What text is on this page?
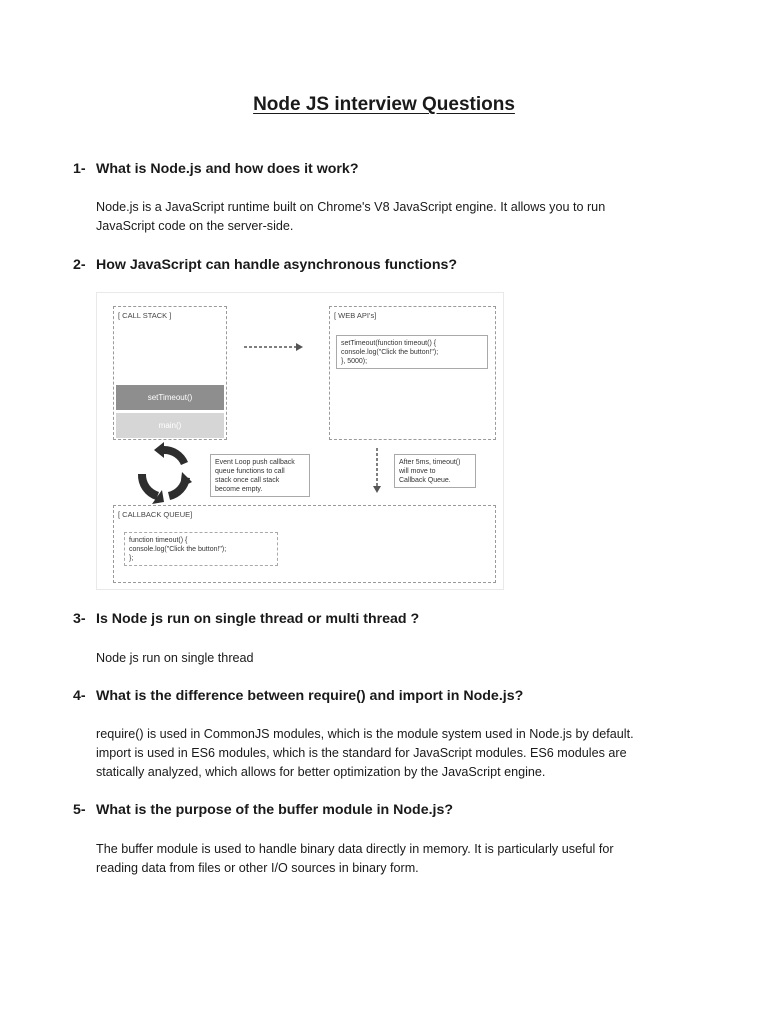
Node JS interview Questions
1- What is Node.js and how does it work?
Node.js is a JavaScript runtime built on Chrome's V8 JavaScript engine. It allows you to run
JavaScript code on the server-side.
2- How JavaScript can handle asynchronous functions?
[ CALL STACK ]
setTimeout()
main()
[ WEB API's]
setTimeout(function timeout() {
console.log("Click the button!");
}, 5000);
Event Loop push callback
queue functions to call
stack once call stack
become empty.
After 5ms, timeout()
will move to
Callback Queue.
[ CALLBACK QUEUE]
function timeout() {
console.log("Click the button!");
};
3- Is Node js run on single thread or multi thread ?
Node js run on single thread
4- What is the difference between require() and import in Node.js?
require() is used in CommonJS modules, which is the module system used in Node.js by default.
import is used in ES6 modules, which is the standard for JavaScript modules. ES6 modules are
statically analyzed, which allows for better optimization by the JavaScript engine.
5- What is the purpose of the buffer module in Node.js?
The buffer module is used to handle binary data directly in memory. It is particularly useful for
reading data from files or other I/O sources in binary form.
